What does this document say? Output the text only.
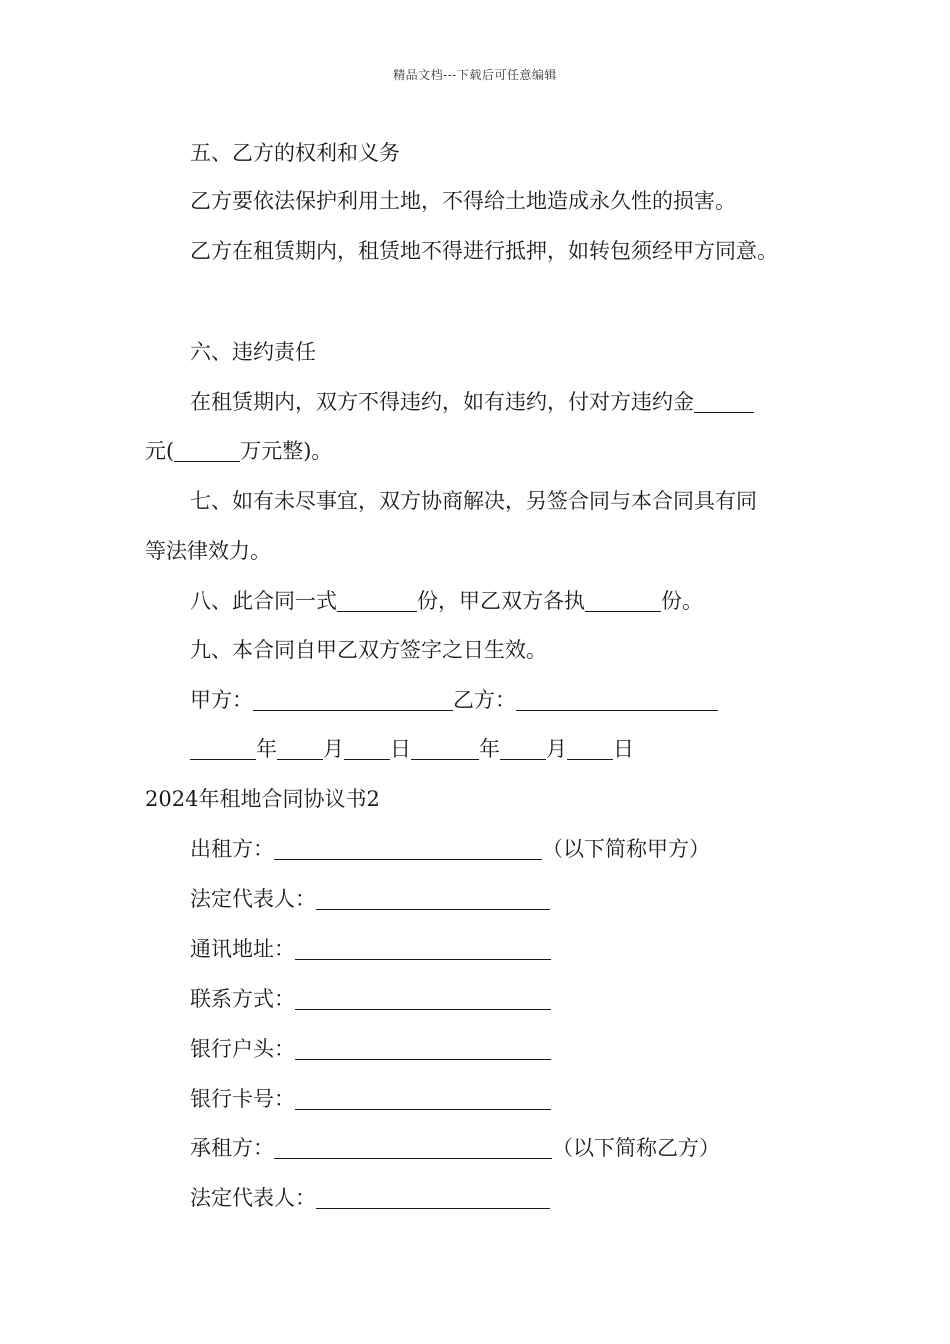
精品文档---下载后可任意编辑
五、乙方的权利和义务
乙方要依法保护利用土地，不得给土地造成永久性的损害。
乙方在租赁期内，租赁地不得进行抵押，如转包须经甲方同意。
六、违约责任
在租赁期内，双方不得违约，如有违约，付对方违约金
元(	万元整)。
七、如有未尽事宜，双方协商解决，另签合同与本合同具有同
等法律效力。
八、此合同一式	份，甲乙双方各执	份。
九、本合同自甲乙双方签字之日生效。
甲方：	乙方：
年 月 日	年 月 日
2024年租地合同协议书2
出租方：	（以下简称甲方）
法定代表人：
通讯地址：
联系方式：
银行户头：
银行卡号：
承租方：	（以下简称乙方）
法定代表人：
